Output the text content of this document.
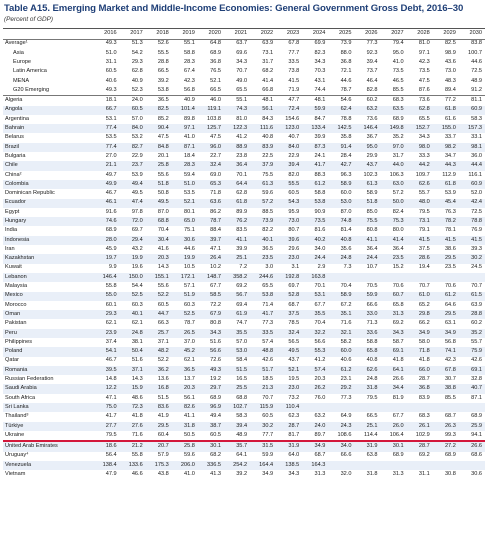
Table A15. Emerging Market and Middle-Income Economies: General Government Gross Debt, 2016–30
(Percent of GDP)
	2016	2017	2018	2019	2020	2021	2022	2023	2024	2025	2026	2027	2028	2029	2030
Average¹	49.3	51.3	52.6	55.1	64.8	63.7	63.9	67.8	69.9	73.9	77.3	79.4	81.0	82.5	83.8
Asia	51.0	54.2	55.5	58.8	68.9	69.6	73.1	77.7	82.3	88.0	92.3	95.0	97.1	98.9	100.7
Europe	31.1	29.3	28.8	28.3	36.8	34.3	31.7	33.5	34.3	36.8	39.4	41.0	42.3	43.6	44.6
Latin America	60.5	62.8	66.5	67.4	76.5	70.7	68.2	73.8	70.3	72.1	73.7	73.5	73.5	73.0	72.5
MENA	40.6	40.9	39.2	42.3	52.1	49.0	41.4	41.5	43.1	44.6	46.4	46.5	47.5	48.3	48.9
G20 Emerging	49.3	52.3	53.8	56.8	66.5	65.5	66.8	71.9	74.4	78.7	82.8	85.5	87.6	89.4	91.2
Algeria	18.1	24.0	36.5	40.9	46.0	55.1	48.1	47.7	48.1	54.6	60.2	68.3	73.6	77.2	81.1
Angola	66.7	60.5	82.5	101.4	119.1	74.3	56.1	72.4	59.9	62.4	63.2	63.5	62.8	61.8	60.9
Argentina	53.1	57.0	85.2	89.8	103.8	81.0	84.3	154.6	84.7	78.8	73.6	68.9	65.5	61.6	58.3
Bahrain	77.4	84.0	90.4	97.1	125.7	122.3	111.6	123.0	133.4	142.5	146.4	149.8	152.7	155.0	157.3
Belarus	53.5	53.2	47.5	41.0	47.5	41.2	40.8	40.7	39.9	35.8	36.7	35.2	34.3	33.7	33.1
Brazil	77.4	82.7	84.8	87.1	96.0	88.9	83.9	84.0	87.3	91.4	95.0	97.0	98.0	98.2	98.1
Bulgaria	27.0	22.9	20.1	18.4	22.7	23.8	22.5	22.9	24.1	28.4	29.9	31.7	33.3	34.7	36.0
Chile	21.1	23.7	25.8	28.3	32.4	36.4	37.9	39.4	41.7	42.7	43.7	44.0	44.2	44.3	44.4
China²	49.7	53.9	55.6	59.4	69.0	70.1	75.5	82.0	88.3	96.3	102.3	106.3	109.7	112.9	116.1
Colombia	49.9	49.4	51.8	51.0	65.3	64.4	61.3	55.5	61.2	58.9	61.3	63.0	62.6	61.8	60.9
Dominican Republic	46.7	49.5	50.8	53.5	71.8	62.8	59.6	60.5	58.8	60.0	58.9	57.2	55.7	53.9	52.0
Ecuador	46.1	47.4	49.5	52.1	63.6	61.8	57.2	54.3	53.8	53.0	51.8	50.0	48.0	45.4	42.4
Egypt	91.6	97.8	87.0	80.1	86.2	89.9	88.5	95.9	90.9	87.0	85.0	82.4	79.5	76.3	72.5
Hungary	74.6	72.0	68.8	65.0	78.7	76.2	73.9	73.0	73.5	74.8	75.5	75.3	73.1	78.2	78.8
India	68.9	69.7	70.4	75.1	88.4	83.5	82.2	80.7	81.6	81.4	80.8	80.0	79.1	78.1	76.9
Indonesia	28.0	29.4	30.4	30.6	39.7	41.1	40.1	39.6	40.2	40.8	41.1	41.4	41.5	41.5	41.5
Iran	45.9	43.2	41.6	44.6	47.1	39.9	36.5	29.6	34.0	35.6	36.4	36.4	37.5	38.6	39.3
Kazakhstan	19.7	19.9	20.3	19.9	26.4	25.1	23.5	23.0	24.4	24.8	24.4	23.5	28.6	29.5	30.2
Kuwait	9.9	19.6	14.3	10.5	10.2	7.2	3.0	3.1	2.9	7.3	10.7	15.2	19.4	23.5	24.5
Lebanon	146.4	150.0	155.1	172.1	148.7	358.2	244.6	192.8	163.8						
Malaysia	55.8	54.4	55.6	57.1	67.7	69.2	65.5	69.7	70.1	70.4	70.5	70.6	70.7	70.6	70.7
Mexico	55.0	52.5	52.2	51.9	58.5	56.7	53.8	52.8	53.1	58.9	59.9	60.7	61.0	61.2	61.5
Morocco	60.1	60.3	60.5	60.3	72.2	69.4	71.4	68.7	67.7	67.2	66.6	65.8	65.2	64.6	63.9
Oman	29.3	40.1	44.7	52.5	67.9	61.9	41.7	37.5	35.5	35.1	33.0	31.3	29.8	29.5	28.8
Pakistan	62.1	62.1	66.3	78.7	80.8	74.7	77.3	78.5	70.4	71.6	71.3	69.2	66.2	63.1	60.2
Peru	23.9	24.8	25.7	26.5	34.3	35.5	33.5	32.4	32.2	32.1	33.6	34.3	34.9	34.9	35.2
Philippines	37.4	38.1	37.1	37.0	51.6	57.0	57.4	56.5	56.6	58.2	58.8	58.7	58.0	56.8	55.7
Poland	54.1	50.4	48.2	45.2	56.6	53.0	48.8	49.5	55.3	60.0	65.8	69.1	71.8	74.1	75.9
Qatar	46.7	51.6	52.2	62.1	72.6	58.4	42.6	43.7	41.2	40.6	40.8	41.8	41.8	42.3	42.6
Romania	39.5	37.1	36.2	36.5	49.3	51.5	51.7	52.1	57.4	61.2	62.6	64.1	66.0	67.8	69.1
Russian Federation	14.8	14.3	13.6	13.7	19.2	16.5	18.5	19.5	20.3	23.1	24.8	26.6	28.7	30.7	32.8
Saudi Arabia	12.2	15.9	16.8	20.3	29.7	25.5	21.3	23.0	26.2	29.2	31.8	34.4	36.8	38.8	40.7
South Africa	47.1	48.6	51.5	56.1	68.9	68.8	70.7	73.2	76.0	77.3	79.5	81.9	83.9	85.5	87.1
Sri Lanka	75.0	72.3	83.6	82.6	96.9	102.7	115.9	110.4							
Thailand³	41.7	41.8	41.9	41.1	49.4	58.3	60.5	62.3	63.2	64.9	66.5	67.7	68.3	68.7	68.9
Türkiye	27.7	27.6	29.5	31.8	38.7	39.4	30.2	28.7	24.0	24.3	25.1	26.0	26.1	26.3	25.9
Ukraine	79.5	71.6	60.4	50.5	60.5	48.9	77.7	81.7	89.7	108.6	114.4	106.4	102.9	99.3	94.1
United Arab Emirates	18.6	21.2	20.7	25.8	30.1	35.7	31.5	31.9	34.9	34.0	31.9	30.1	28.7	27.2	26.6
Uruguay⁴	56.4	55.8	57.9	59.6	68.2	64.1	59.9	64.0	68.7	66.6	63.8	68.9	69.2	68.9	68.6
Venezuela	138.4	133.6	175.3	206.0	336.5	254.2	164.4	138.5	164.3						
Vietnam	47.9	46.6	43.8	41.0	41.3	39.2	34.9	34.3	31.3	32.0	31.8	31.3	31.1	30.8	30.6
